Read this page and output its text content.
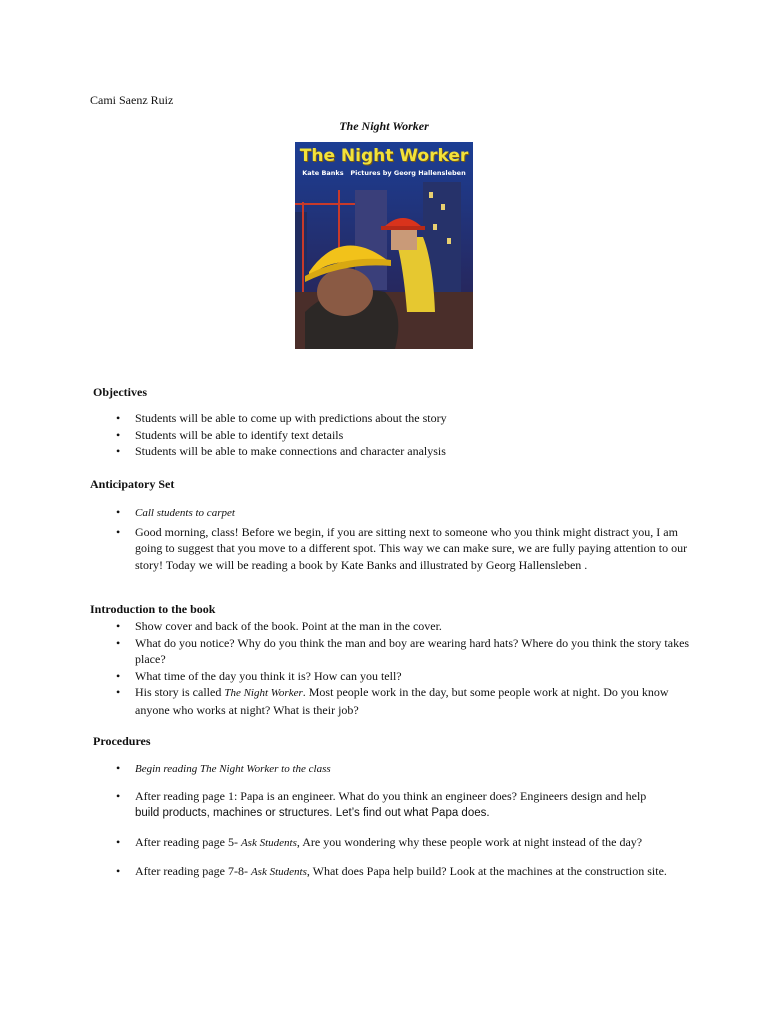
Cami Saenz Ruiz
The Night Worker
The Night Worker
Kate Banks   Pictures by Georg Hallensleben
Objectives
• Students will be able to come up with predictions about the story
• Students will be able to identify text details
• Students will be able to make connections and character analysis
Anticipatory Set
• Call students to carpet
• Good morning, class! Before we begin, if you are sitting next to someone who you think might distract you, I am going to suggest that you move to a different spot. This way we can make sure, we are fully paying attention to our story! Today we will be reading a book by Kate Banks and illustrated by Georg Hallensleben .
Introduction to the book
• Show cover and back of the book. Point at the man in the cover.
• What do you notice? Why do you think the man and boy are wearing hard hats? Where do you think the story takes place?
• What time of the day you think it is? How can you tell?
• His story is called The Night Worker. Most people work in the day, but some people work at night. Do you know anyone who works at night? What is their job?
Procedures
• Begin reading The Night Worker to the class
• After reading page 1: Papa is an engineer. What do you think an engineer does? Engineers design and help
build products, machines or structures. Let’s find out what Papa does.
• After reading page 5- Ask Students, Are you wondering why these people work at night instead of the day?
• After reading page 7-8- Ask Students, What does Papa help build? Look at the machines at the construction site.
